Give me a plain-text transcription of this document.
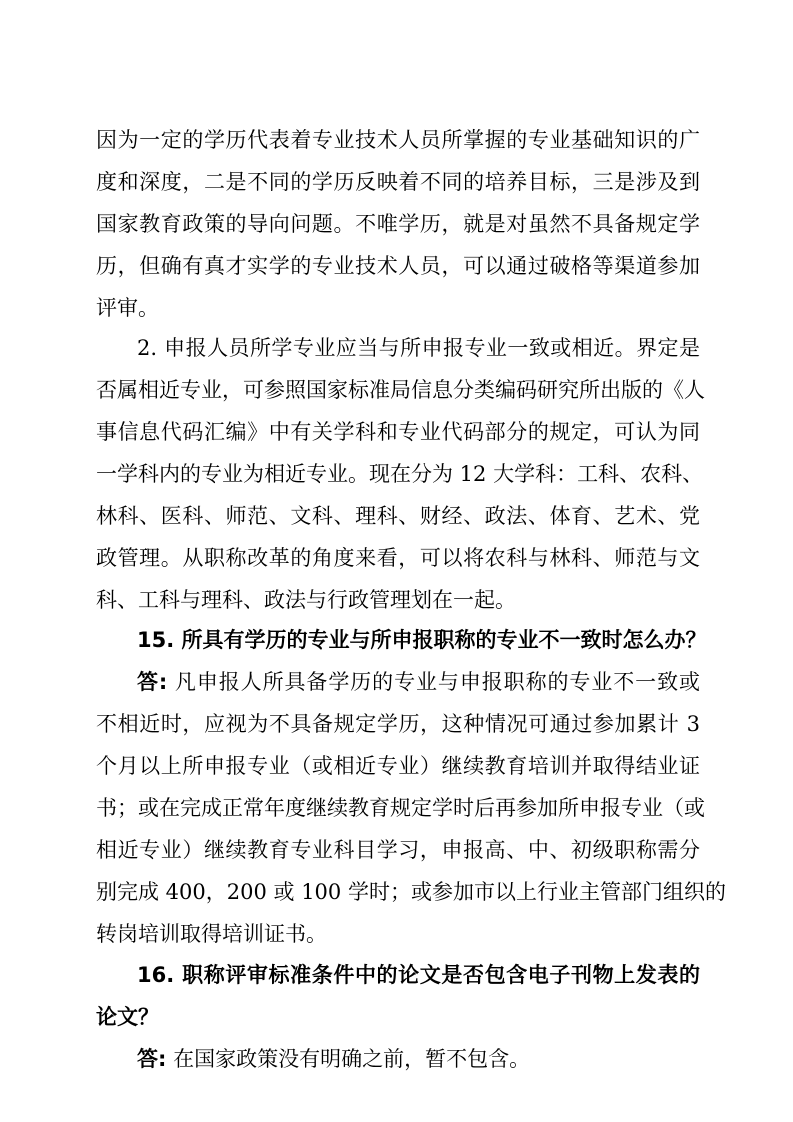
因为一定的学历代表着专业技术人员所掌握的专业基础知识的广
度和深度，二是不同的学历反映着不同的培养目标，三是涉及到
国家教育政策的导向问题。不唯学历，就是对虽然不具备规定学
历，但确有真才实学的专业技术人员，可以通过破格等渠道参加
评审。
2. 申报人员所学专业应当与所申报专业一致或相近。界定是
否属相近专业，可参照国家标准局信息分类编码研究所出版的《人
事信息代码汇编》中有关学科和专业代码部分的规定，可认为同
一学科内的专业为相近专业。现在分为 12 大学科：工科、农科、
林科、医科、师范、文科、理科、财经、政法、体育、艺术、党
政管理。从职称改革的角度来看，可以将农科与林科、师范与文
科、工科与理科、政法与行政管理划在一起。
15. 所具有学历的专业与所申报职称的专业不一致时怎么办？
答: 凡申报人所具备学历的专业与申报职称的专业不一致或
不相近时，应视为不具备规定学历，这种情况可通过参加累计 3
个月以上所申报专业（或相近专业）继续教育培训并取得结业证
书；或在完成正常年度继续教育规定学时后再参加所申报专业（或
相近专业）继续教育专业科目学习，申报高、中、初级职称需分
别完成 400，200 或 100 学时；或参加市以上行业主管部门组织的
转岗培训取得培训证书。
16. 职称评审标准条件中的论文是否包含电子刊物上发表的
论文？
答: 在国家政策没有明确之前，暂不包含。
